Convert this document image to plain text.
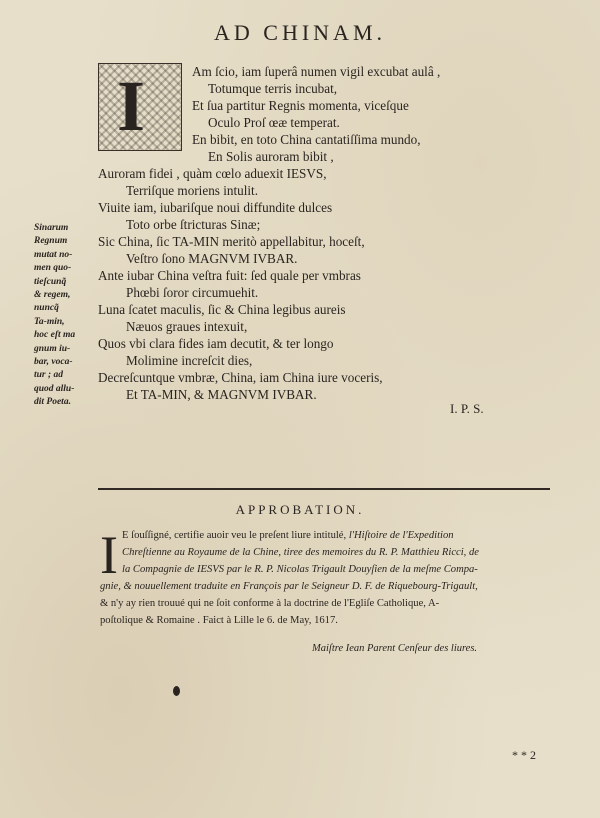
AD CHINAM.
I	Am ſcio, iam ſuperâ numen vigil excubat aulâ ,
Totumque terris incubat,
Et ſua partitur Regnis momenta, viceſque
Oculo Proſ œæ temperat.
En bibit, en toto China cantatiſſima mundo,
En Solis auroram bibit ,
Auroram fidei , quàm cœlo aduexit IESVS,
Terriſque moriens intulit.
Viuite iam, iubariſque noui diffundite dulces
Toto orbe ſtricturas Sinæ;
Sic China, ſic TA-MIN meritò appellabitur, hoceſt,
Veſtro ſono MAGNVM IVBAR.
Ante iubar China veſtra fuit: ſed quale per vmbras
Phœbi ſoror circumuehit.
Luna ſcatet maculis, ſic & China legibus aureis
Næuos graues intexuit,
Quos vbi clara fides iam decutit, & ter longo
Molimine increſcit dies,
Decreſcuntque vmbræ, China, iam China iure voceris,
Et TA-MIN, & MAGNVM IVBAR.
I. P. S.
Sinarum
Regnum
mutat no-
men quo-
tieſcunq̃
& regem,
nuncq̃
Ta-min,
hoc eſt ma
gnum iu-
bar, voca-
tur ; ad
quod allu-
dit Poeta.
APPROBATION.
I E ſouſſigné, certifie auoir veu le preſent liure intitulé, l'Hiſtoire de l'Expedition
Chreſtienne au Royaume de la Chine, tiree des memoires du R. P. Matthieu Ricci, de
la Compagnie de IESVS par le R. P. Nicolas Trigault Douyſien de la meſme Compa-
gnie, & nouuellement traduite en François par le Seigneur D. F. de Riquebourg-Trigault,
& n'y ay rien trouué qui ne ſoit conforme à la doctrine de l'Egliſe Catholique, A-
poſtolique & Romaine . Faict à Lille le 6. de May, 1617.
Maiſtre Iean Parent Cenſeur des liures.
* * 2
